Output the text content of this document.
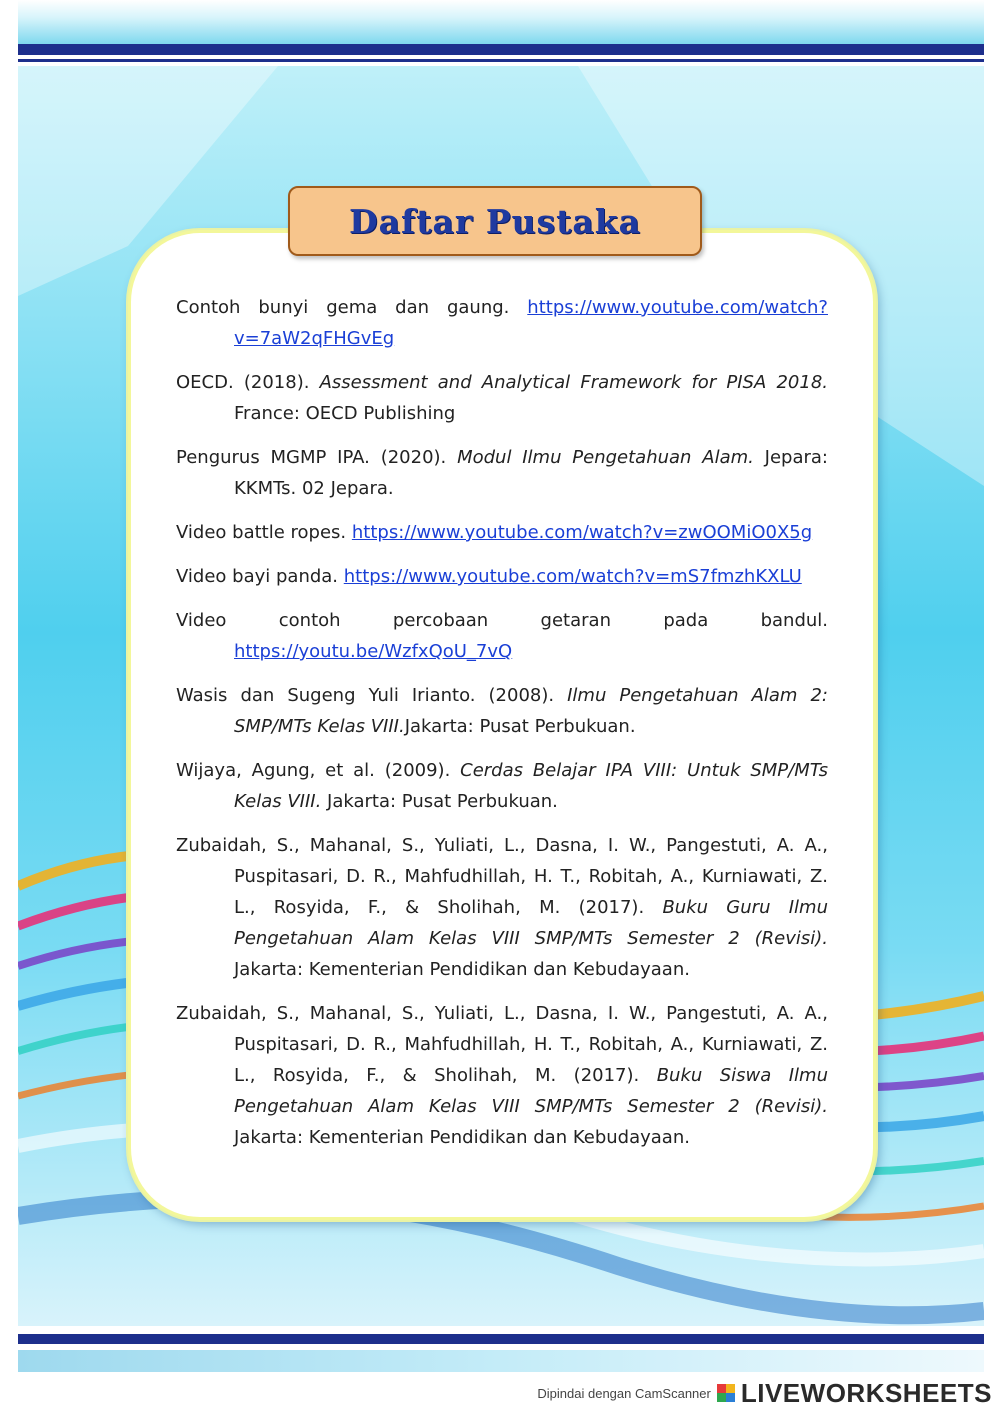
Daftar Pustaka

Contoh bunyi gema dan gaung. https://www.youtube.com/watch?v=7aW2qFHGvEg

OECD. (2018). Assessment and Analytical Framework for PISA 2018. France: OECD Publishing

Pengurus MGMP IPA. (2020). Modul Ilmu Pengetahuan Alam. Jepara: KKMTs. 02 Jepara.

Video battle ropes. https://www.youtube.com/watch?v=zwOOMiO0X5g

Video bayi panda. https://www.youtube.com/watch?v=mS7fmzhKXLU

Video contoh percobaan getaran pada bandul. https://youtu.be/WzfxQoU_7vQ

Wasis dan Sugeng Yuli Irianto. (2008). Ilmu Pengetahuan Alam 2: SMP/MTs Kelas VIII.Jakarta: Pusat Perbukuan.

Wijaya, Agung, et al. (2009). Cerdas Belajar IPA VIII: Untuk SMP/MTs Kelas VIII. Jakarta: Pusat Perbukuan.

Zubaidah, S., Mahanal, S., Yuliati, L., Dasna, I. W., Pangestuti, A. A., Puspitasari, D. R., Mahfudhillah, H. T., Robitah, A., Kurniawati, Z. L., Rosyida, F., & Sholihah, M. (2017). Buku Guru Ilmu Pengetahuan Alam Kelas VIII SMP/MTs Semester 2 (Revisi). Jakarta: Kementerian Pendidikan dan Kebudayaan.

Zubaidah, S., Mahanal, S., Yuliati, L., Dasna, I. W., Pangestuti, A. A., Puspitasari, D. R., Mahfudhillah, H. T., Robitah, A., Kurniawati, Z. L., Rosyida, F., & Sholihah, M. (2017). Buku Siswa Ilmu Pengetahuan Alam Kelas VIII SMP/MTs Semester 2 (Revisi). Jakarta: Kementerian Pendidikan dan Kebudayaan.

Dipindai dengan CamScanner LIVEWORKSHEETS
